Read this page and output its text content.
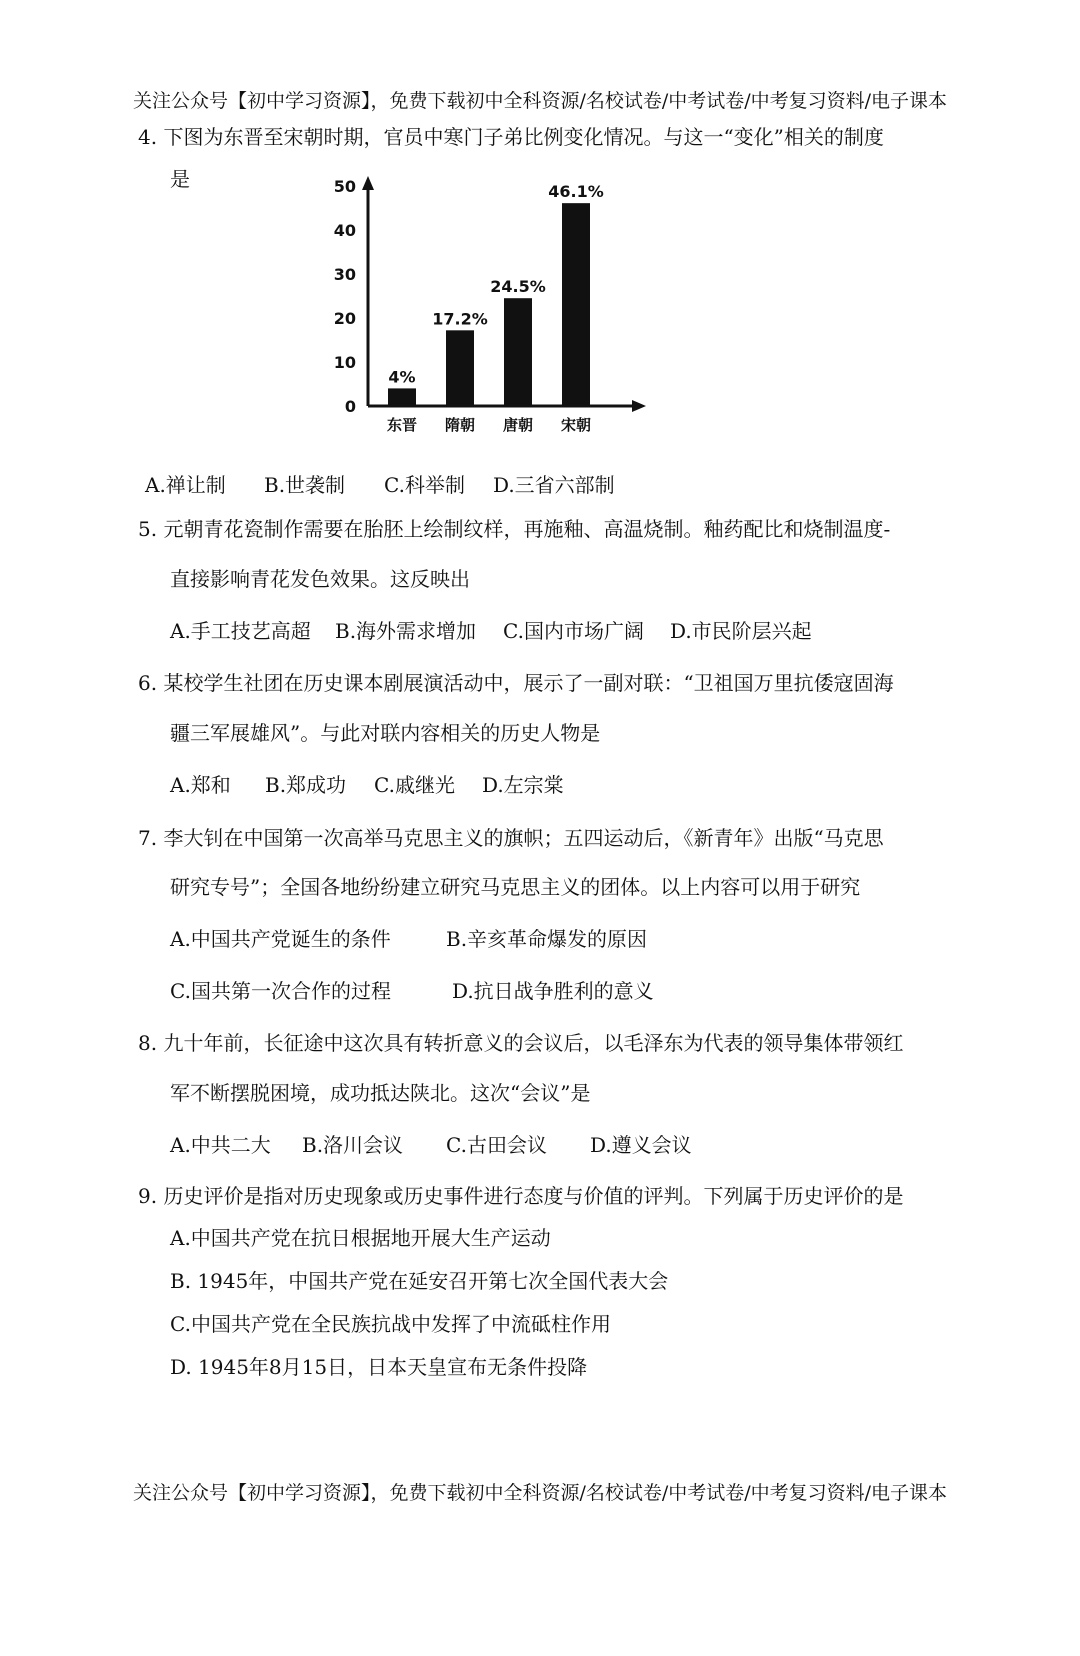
关注公众号【初中学习资源】，免费下载初中全科资源/名校试卷/中考试卷/中考复习资料/电子课本
4. 下图为东晋至宋朝时期，官员中寒门子弟比例变化情况。与这一“变化”相关的制度
是
0
10
20
30
40
50
4%
17.2%
24.5%
46.1%
东晋 隋朝 唐朝 宋朝
A.禅让制 B.世袭制 C.科举制 D.三省六部制
5. 元朝青花瓷制作需要在胎胚上绘制纹样，再施釉、高温烧制。釉药配比和烧制温度-
直接影响青花发色效果。这反映出
A.手工技艺高超 B.海外需求增加 C.国内市场广阔 D.市民阶层兴起
6. 某校学生社团在历史课本剧展演活动中，展示了一副对联：“卫祖国万里抗倭寇固海
疆三军展雄风”。与此对联内容相关的历史人物是
A.郑和 B.郑成功 C.戚继光 D.左宗棠
7. 李大钊在中国第一次高举马克思主义的旗帜；五四运动后，《新青年》出版“马克思
研究专号”；全国各地纷纷建立研究马克思主义的团体。以上内容可以用于研究
A.中国共产党诞生的条件	B.辛亥革命爆发的原因
C.国共第一次合作的过程	D.抗日战争胜利的意义
8. 九十年前，长征途中这次具有转折意义的会议后，以毛泽东为代表的领导集体带领红
军不断摆脱困境，成功抵达陕北。这次“会议”是
A.中共二大 B.洛川会议 C.古田会议 D.遵义会议
9. 历史评价是指对历史现象或历史事件进行态度与价值的评判。下列属于历史评价的是
A.中国共产党在抗日根据地开展大生产运动
B. 1945年，中国共产党在延安召开第七次全国代表大会
C.中国共产党在全民族抗战中发挥了中流砥柱作用
D. 1945年8月15日，日本天皇宣布无条件投降
关注公众号【初中学习资源】，免费下载初中全科资源/名校试卷/中考试卷/中考复习资料/电子课本
